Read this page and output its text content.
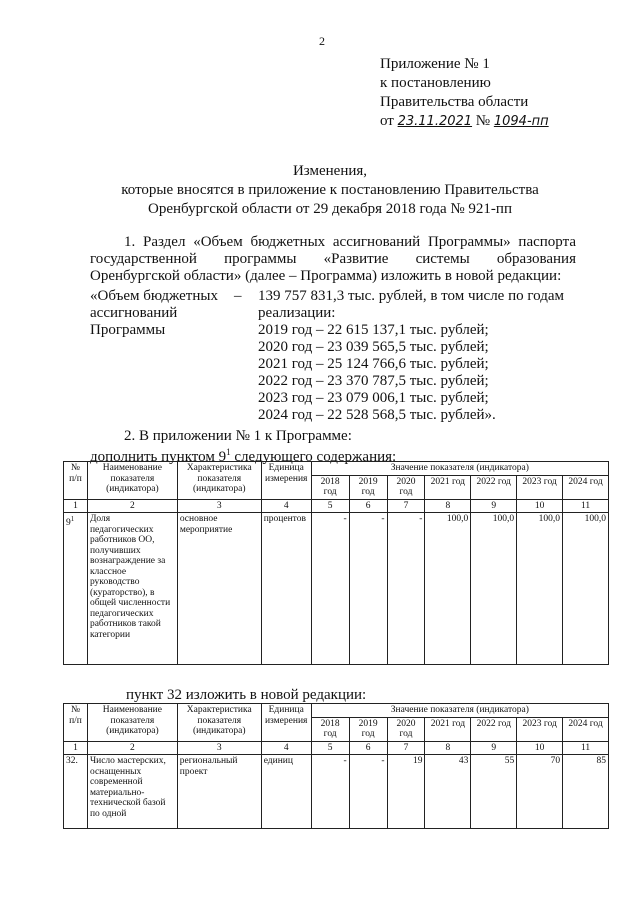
2
Приложение № 1
к постановлению
Правительства области
от 23.11.2021 № 1094-пп
Изменения,
которые вносятся в приложение к постановлению Правительства
Оренбургской области от 29 декабря 2018 года № 921-пп
1. Раздел «Объем бюджетных ассигнований Программы» паспорта государственной программы «Развитие системы образования Оренбургской области» (далее – Программа) изложить в новой редакции:
«Объем бюджетных
ассигнований
Программы
– 139 757 831,3 тыс. рублей, в том числе по годам
реализации:
2019 год – 22 615 137,1 тыс. рублей;
2020 год – 23 039 565,5 тыс. рублей;
2021 год – 25 124 766,6 тыс. рублей;
2022 год – 23 370 787,5 тыс. рублей;
2023 год – 23 079 006,1 тыс. рублей;
2024 год – 22 528 568,5 тыс. рублей».
2. В приложении № 1 к Программе:
дополнить пунктом $9^1$ следующего содержания:
№ п/п	Наименование показателя (индикатора)	Характеристика показателя (индикатора)	Единица измерения	Значение показателя (индикатора)						
				2018 год	2019 год	2020 год	2021 год	2022 год	2023 год	2024 год
1	2	3	4	5	6	7	8	9	10	11
$9^1$	Доля педагогических работников ОО, получивших вознаграждение за классное руководство (кураторство), в общей численности педагогических работников такой категории	основное мероприятие	процентов	-	-	-	100,0	100,0	100,0	100,0
пункт 32 изложить в новой редакции:
№ п/п	Наименование показателя (индикатора)	Характеристика показателя (индикатора)	Единица измерения	Значение показателя (индикатора)						
				2018 год	2019 год	2020 год	2021 год	2022 год	2023 год	2024 год
1	2	3	4	5	6	7	8	9	10	11
32.	Число мастерских, оснащенных современной материально-технической базой по одной	региональный проект	единиц	-	-	19	43	55	70	85
